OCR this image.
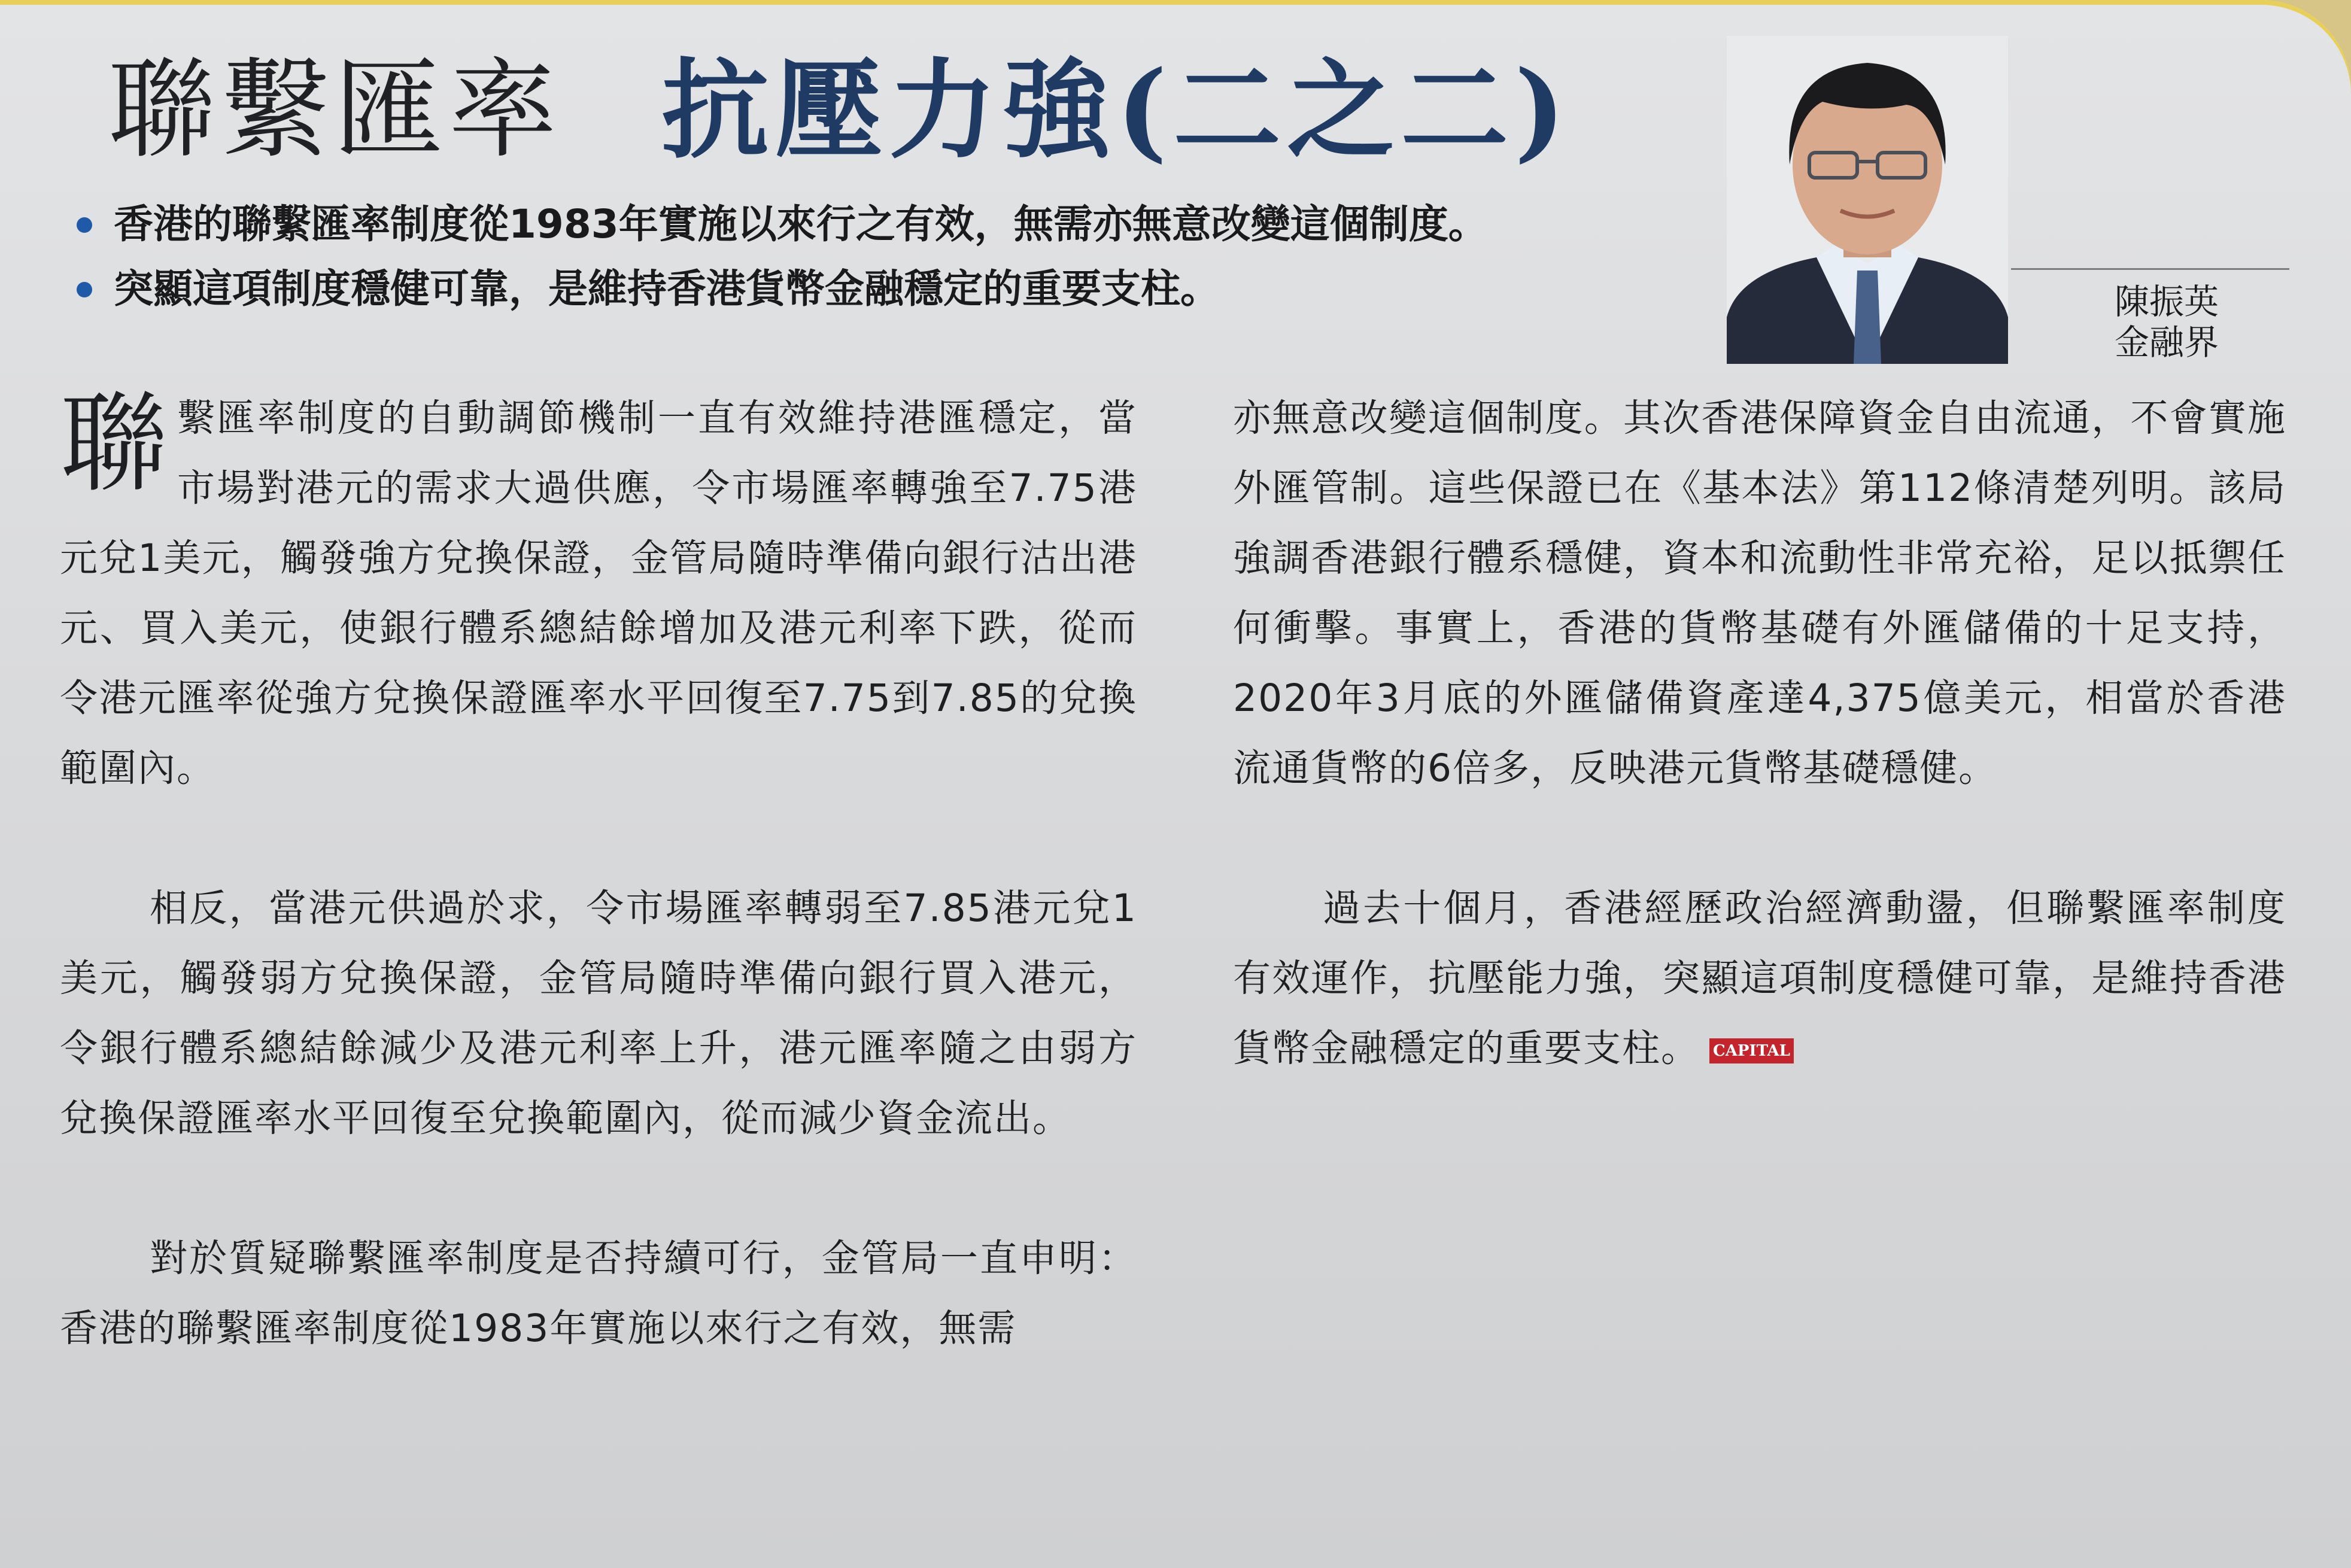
聯繫匯率 抗壓力強(二之二)
香港的聯繫匯率制度從1983年實施以來行之有效，無需亦無意改變這個制度。
突顯這項制度穩健可靠，是維持香港貨幣金融穩定的重要支柱。	陳振英
金融界

聯 繫匯率制度的自動調節機制一直有效維持港匯穩定，當市場對港元的需求大過供應，令市場匯率轉強至7.75港元兌1美元，觸發強方兌換保證，金管局隨時準備向銀行沽出港元、買入美元，使銀行體系總結餘增加及港元利率下跌，從而令港元匯率從強方兌換保證匯率水平回復至7.75到7.85的兌換範圍內。

相反，當港元供過於求，令市場匯率轉弱至7.85港元兌1美元，觸發弱方兌換保證，金管局隨時準備向銀行買入港元，令銀行體系總結餘減少及港元利率上升，港元匯率隨之由弱方兌換保證匯率水平回復至兌換範圍內，從而減少資金流出。

對於質疑聯繫匯率制度是否持續可行，金管局一直申明：香港的聯繫匯率制度從1983年實施以來行之有效，無需

亦無意改變這個制度。其次香港保障資金自由流通，不會實施外匯管制。這些保證已在《基本法》第112條清楚列明。該局強調香港銀行體系穩健，資本和流動性非常充裕，足以抵禦任何衝擊。事實上，香港的貨幣基礎有外匯儲備的十足支持，2020年3月底的外匯儲備資產達4,375億美元，相當於香港流通貨幣的6倍多，反映港元貨幣基礎穩健。

過去十個月，香港經歷政治經濟動盪，但聯繫匯率制度有效運作，抗壓能力強，突顯這項制度穩健可靠，是維持香港貨幣金融穩定的重要支柱。 CAPITAL
